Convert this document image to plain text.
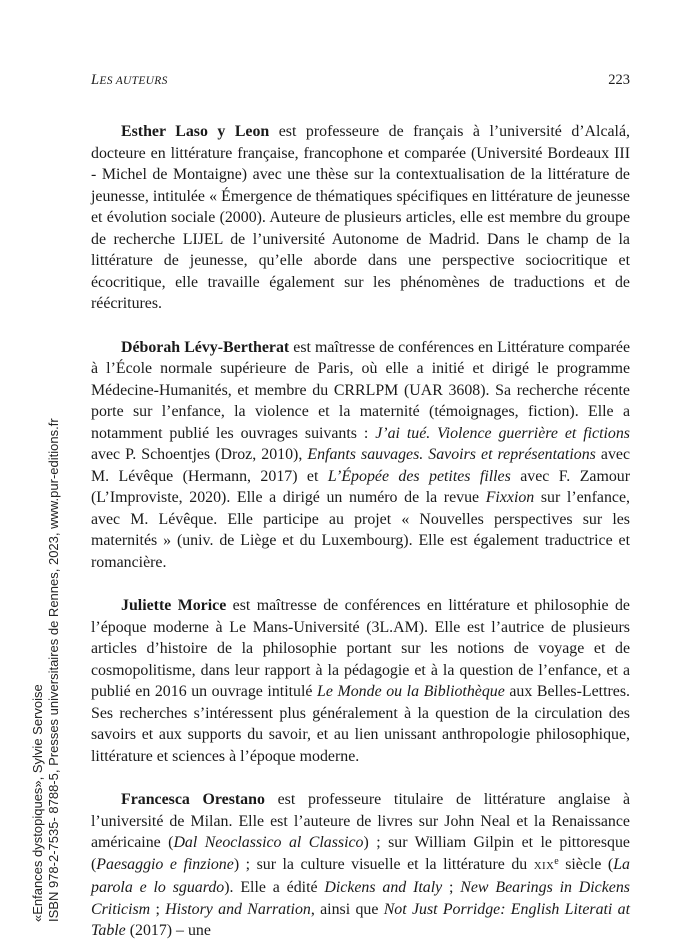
LES AUTEURS	223

Esther Laso y Leon est professeure de français à l’université d’Alcalá, docteure en littérature française, francophone et comparée (Université Bordeaux III - Michel de Montaigne) avec une thèse sur la contextualisation de la littérature de jeunesse, intitulée « Émergence de thématiques spécifiques en littérature de jeunesse et évolution sociale (2000). Auteure de plusieurs articles, elle est membre du groupe de recherche LIJEL de l’université Autonome de Madrid. Dans le champ de la littérature de jeunesse, qu’elle aborde dans une perspective sociocritique et écocritique, elle travaille également sur les phénomènes de traductions et de réécritures.

Déborah Lévy-Bertherat est maîtresse de conférences en Littérature comparée à l’École normale supérieure de Paris, où elle a initié et dirigé le programme Médecine-Humanités, et membre du CRRLPM (UAR 3608). Sa recherche récente porte sur l’enfance, la violence et la maternité (témoignages, fiction). Elle a notamment publié les ouvrages suivants : J’ai tué. Violence guerrière et fictions avec P. Schoentjes (Droz, 2010), Enfants sauvages. Savoirs et représentations avec M. Lévêque (Hermann, 2017) et L’Épopée des petites filles avec F. Zamour (L’Improviste, 2020). Elle a dirigé un numéro de la revue Fixxion sur l’enfance, avec M. Lévêque. Elle participe au projet « Nouvelles perspectives sur les maternités » (univ. de Liège et du Luxembourg). Elle est également traductrice et romancière.

Juliette Morice est maîtresse de conférences en littérature et philosophie de l’époque moderne à Le Mans-Université (3L.AM). Elle est l’autrice de plusieurs articles d’histoire de la philosophie portant sur les notions de voyage et de cosmopolitisme, dans leur rapport à la pédagogie et à la question de l’enfance, et a publié en 2016 un ouvrage intitulé Le Monde ou la Bibliothèque aux Belles-Lettres. Ses recherches s’intéressent plus généralement à la question de la circulation des savoirs et aux supports du savoir, et au lien unissant anthropologie philosophique, littérature et sciences à l’époque moderne.

Francesca Orestano est professeure titulaire de littérature anglaise à l’université de Milan. Elle est l’auteure de livres sur John Neal et la Renaissance américaine (Dal Neoclassico al Classico) ; sur William Gilpin et le pittoresque (Paesaggio e finzione) ; sur la culture visuelle et la littérature du XIXe siècle (La parola e lo sguardo). Elle a édité Dickens and Italy ; New Bearings in Dickens Criticism ; History and Narration, ainsi que Not Just Porridge: English Literati at Table (2017) – une

«Enfances dystopiques», Sylvie Servoise ISBN 978-2-7535- 8788-5, Presses universitaires de Rennes, 2023, www.pur-editions.fr
